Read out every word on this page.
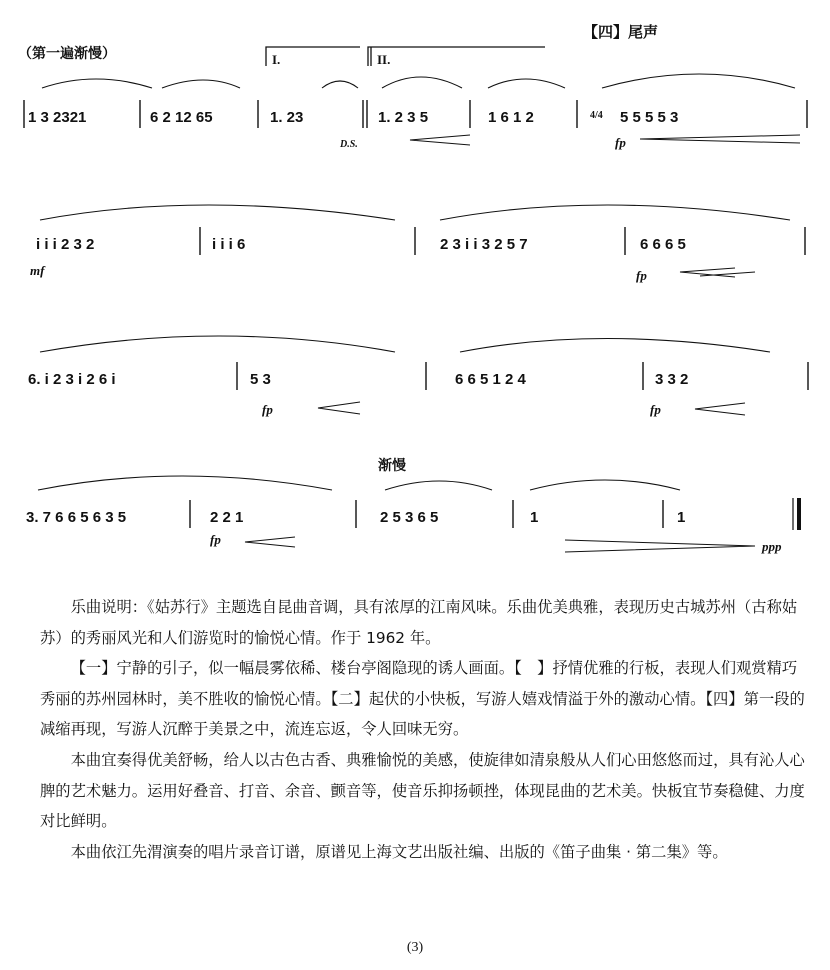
【四】尾声
（第一遍渐慢）	I.	II.
1 3 2321	6 2 12 65	1. 23	1. 2 3 5	1 6 1 2	5 5 5 5 3
4/4
D.S.	fp
i i i 2 3 2	i i i 6	2 3 i i 3 2 5 7	6 6 6 5
mf	fp
6. i 2 3 i 2 6 i	5 3	6 6 5 1 2 4	3 3 2
fp	fp
渐慢
3. 7 6 6 5 6 3 5	2 2 1	2 5 3 6 5	1	1
fp	ppp

乐曲说明：《姑苏行》主题选自昆曲音调，具有浓厚的江南风味。乐曲优美典雅，表现历史古城苏州（古称姑苏）的秀丽风光和人们游览时的愉悦心情。作于 1962 年。

【一】宁静的引子，似一幅晨雾依稀、楼台亭阁隐现的诱人画面。【　】抒情优雅的行板，表现人们观赏精巧秀丽的苏州园林时，美不胜收的愉悦心情。【二】起伏的小快板，写游人嬉戏情溢于外的激动心情。【四】第一段的减缩再现，写游人沉醉于美景之中，流连忘返，令人回味无穷。

本曲宜奏得优美舒畅，给人以古色古香、典雅愉悦的美感，使旋律如清泉般从人们心田悠悠而过，具有沁人心脾的艺术魅力。运用好叠音、打音、余音、颤音等，使音乐抑扬顿挫，体现昆曲的艺术美。快板宜节奏稳健、力度对比鲜明。

本曲依江先渭演奏的唱片录音订谱，原谱见上海文艺出版社编、出版的《笛子曲集 · 第二集》等。

(3)
